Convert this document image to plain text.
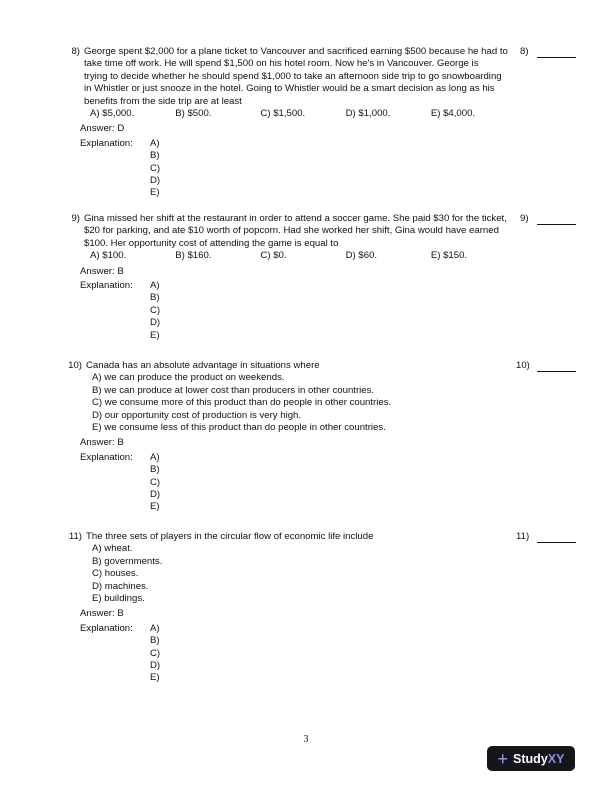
8) George spent $2,000 for a plane ticket to Vancouver and sacrificed earning $500 because he had to
take time off work. He will spend $1,500 on his hotel room. Now he's in Vancouver. George is
trying to decide whether he should spend $1,000 to take an afternoon side trip to go snowboarding
in Whistler or just snooze in the hotel. Going to Whistler would be a smart decision as long as his
benefits from the side trip are at least
A) $5,000.	B) $500.	C) $1,500.	D) $1,000.	E) $4,000.
Answer: D
Explanation:	A)
B)
C)
D)
E)
9) Gina missed her shift at the restaurant in order to attend a soccer game. She paid $30 for the ticket,
$20 for parking, and ate $10 worth of popcorn. Had she worked her shift, Gina would have earned
$100. Her opportunity cost of attending the game is equal to
A) $100.	B) $160.	C) $0.	D) $60.	E) $150.
Answer: B
Explanation:	A)
B)
C)
D)
E)
10) Canada has an absolute advantage in situations where
A) we can produce the product on weekends.
B) we can produce at lower cost than producers in other countries.
C) we consume more of this product than do people in other countries.
D) our opportunity cost of production is very high.
E) we consume less of this product than do people in other countries.
Answer: B
Explanation:	A)
B)
C)
D)
E)
11) The three sets of players in the circular flow of economic life include
A) wheat.
B) governments.
C) houses.
D) machines.
E) buildings.
Answer: B
Explanation:	A)
B)
C)
D)
E)
3
+ Study XY
8)
9)
10)
11)
